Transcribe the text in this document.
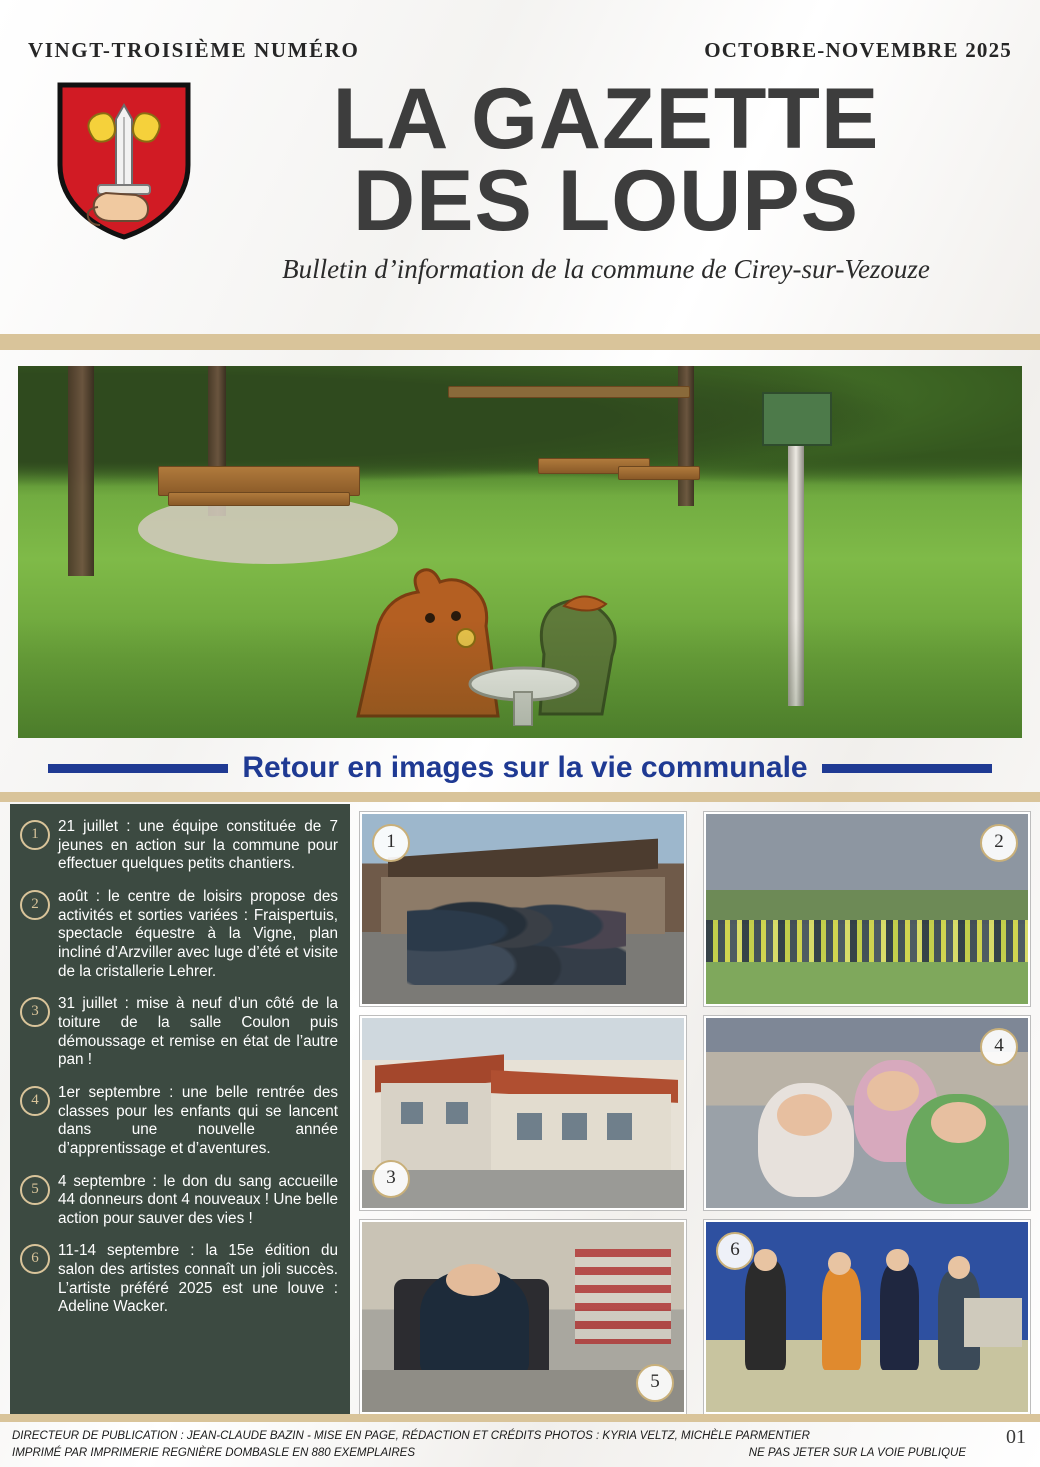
VINGT-TROISIÈME NUMÉRO	OCTOBRE-NOVEMBRE 2025
LA GAZETTE
DES LOUPS
Bulletin d’information de la commune de Cirey-sur-Vezouze
Retour en images sur la vie communale
1	21 juillet : une équipe constituée de 7 jeunes en action sur la commune pour effectuer quelques petits chantiers.
2	août : le centre de loisirs propose des activités et sorties variées : Fraispertuis, spectacle équestre à la Vigne, plan incliné d’Arzviller avec luge d’été et visite de la cristallerie Lehrer.
3	31 juillet : mise à neuf d’un côté de la toiture de la salle Coulon puis démoussage et remise en état de l’autre pan !
4	1er septembre : une belle rentrée des classes pour les enfants qui se lancent dans une nouvelle année d’apprentissage et d’aventures.
5	4 septembre : le don du sang accueille 44 donneurs dont 4 nouveaux ! Une belle action pour sauver des vies !
6	11-14 septembre : la 15e édition du salon des artistes connaît un joli succès. L’artiste préféré 2025 est une louve : Adeline Wacker.
1	2
3
4
5
6
DIRECTEUR DE PUBLICATION : JEAN-CLAUDE BAZIN - MISE EN PAGE, RÉDACTION ET CRÉDITS PHOTOS : KYRIA VELTZ, MICHÈLE PARMENTIER
IMPRIMÉ PAR IMPRIMERIE REGNIÈRE DOMBASLE EN 880 EXEMPLAIRES	NE PAS JETER SUR LA VOIE PUBLIQUE
01
